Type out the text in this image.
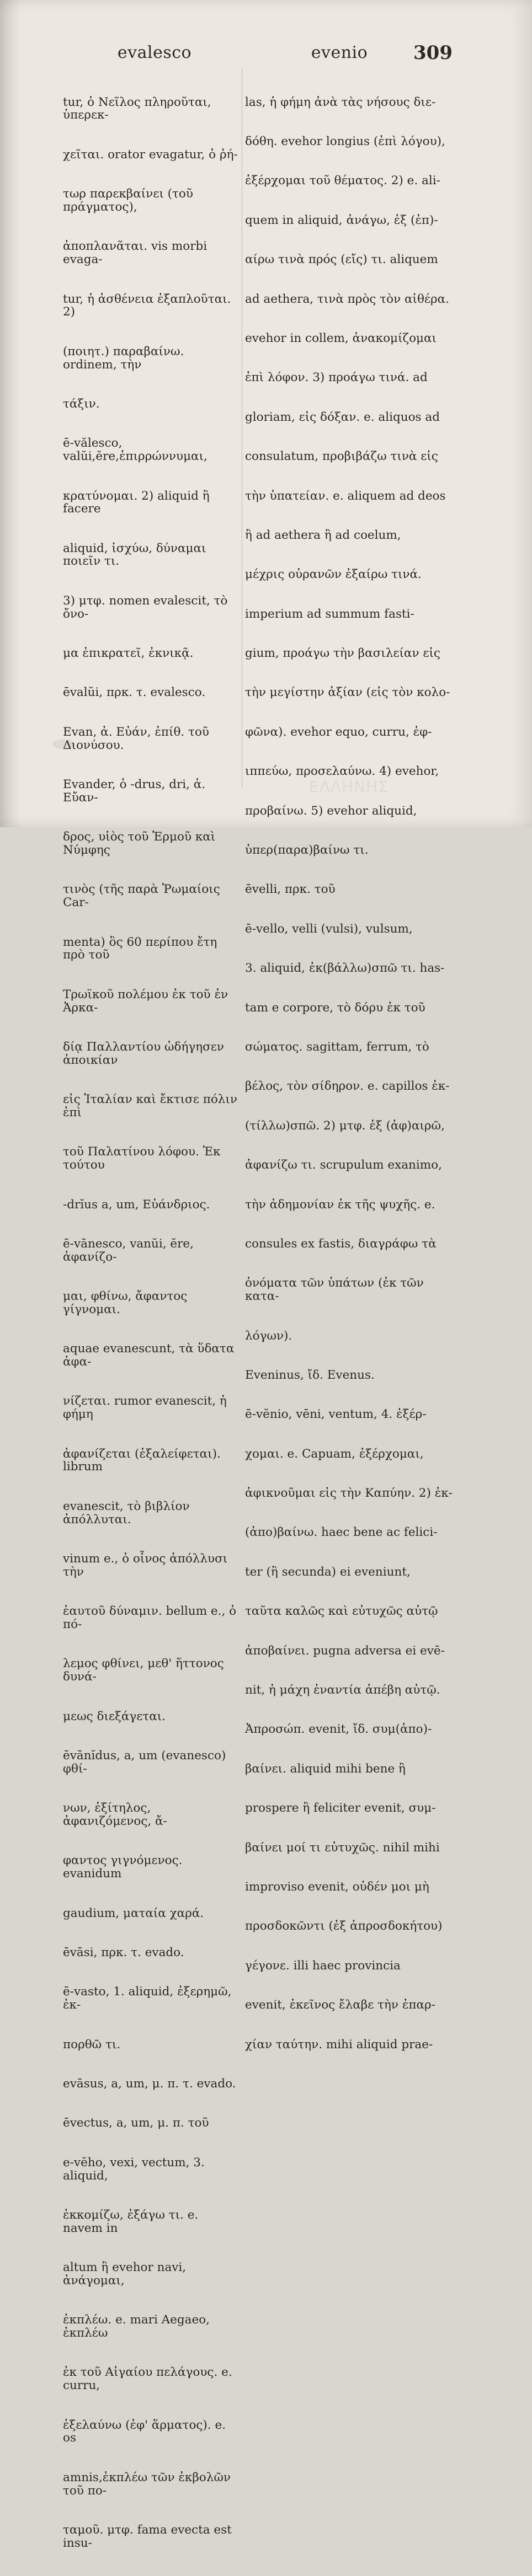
evalesco	evenio	309

tur, ὁ Νεῖλος πληροῦται, ὑπερεκ-

χεῖται. orator evagatur, ὁ ῥή-

τωρ παρεκβαίνει (τοῦ πράγματος),

ἀποπλανᾶται. vis morbi evaga-

tur, ἡ ἀσθένεια ἐξαπλοῦται. 2)

(ποιητ.) παραβαίνω. ordinem, τὴν

τάξιν.

ē-vălesco, valŭi,ĕre,ἐπιρρώννυμαι,

κρατύνομαι. 2) aliquid ἢ facere

aliquid, ἰσχύω, δύναμαι ποιεῖν τι.

3) μτφ. nomen evalescit, τὸ ὄνο-

μα ἐπικρατεῖ, ἐκνικᾷ.

ēvalŭi, πρκ. τ. evalesco.

Evan, ἀ. Εὐάν, ἐπίθ. τοῦ Διονύσου.

Evander, ὁ -drus, dri, ἀ. Εὔαν-

δρος, υἱὸς τοῦ Ἑρμοῦ καὶ Νύμφης

τινὸς (τῆς παρὰ Ῥωμαίοις Car-

menta) ὃς 60 περίπου ἔτη πρὸ τοῦ

Τρωϊκοῦ πολέμου ἐκ τοῦ ἐν Ἀρκα-

δίᾳ Παλλαντίου ὡδήγησεν ἀποικίαν

εἰς Ἰταλίαν καὶ ἔκτισε πόλιν ἐπὶ

τοῦ Παλατίνου λόφου. Ἐκ τούτου

-drĭus a, um, Εὐάνδριος.

ē-vānesco, vanŭi, ĕre, ἀφανίζο-

μαι, φθίνω, ἄφαντος γίγνομαι.

aquae evanescunt, τὰ ὕδατα ἀφα-

νίζεται. rumor evanescit, ἡ φήμη

ἀφανίζεται (ἐξαλείφεται). librum

evanescit, τὸ βιβλίον ἀπόλλυται.

vinum e., ὁ οἶνος ἀπόλλυσι τὴν

ἑαυτοῦ δύναμιν. bellum e., ὁ πό-

λεμος φθίνει, μεθ' ἥττονος δυνά-

μεως διεξάγεται.

ēvānĭdus, a, um (evanesco) φθί-

νων, ἐξίτηλος, ἀφανιζόμενος, ἄ-

φαντος γιγνόμενος. evanidum

gaudium, ματαία χαρά.

ēvāsi, πρκ. τ. evado.

ē-vasto, 1. aliquid, ἐξερημῶ, ἐκ-

πορθῶ τι.

evāsus, a, um, μ. π. τ. evado.

ēvectus, a, um, μ. π. τοῦ

e-vĕho, vexi, vectum, 3. aliquid,

ἐκκομίζω, ἐξάγω τι. e. navem in

altum ἢ evehor navi, ἀνάγομαι,

ἐκπλέω. e. mari Aegaeo, ἐκπλέω

ἐκ τοῦ Αἰγαίου πελάγους. e. curru,

ἐξελαύνω (ἐφ' ἅρματος). e. os

amnis,ἐκπλέω τῶν ἐκβολῶν τοῦ πο-

ταμοῦ. μτφ. fama evecta est insu-

las, ἡ φήμη ἀνὰ τὰς νήσους διε-

δόθη. evehor longius (ἐπὶ λόγου),

ἐξέρχομαι τοῦ θέματος. 2) e. ali-

quem in aliquid, ἀνάγω, ἐξ (ἐπ)-

αίρω τινὰ πρός (εἴς) τι. aliquem

ad aethera, τινὰ πρὸς τὸν αἰθέρα.

evehor in collem, ἀνακομίζομαι

ἐπὶ λόφον. 3) προάγω τινά. ad

gloriam, εἰς δόξαν. e. aliquos ad

consulatum, προβιβάζω τινὰ εἰς

τὴν ὑπατείαν. e. aliquem ad deos

ἢ ad aethera ἢ ad coelum,

μέχρις οὐρανῶν ἐξαίρω τινά.

imperium ad summum fasti-

gium, προάγω τὴν βασιλείαν εἰς

τὴν μεγίστην ἀξίαν (εἰς τὸν κολο-

φῶνα). evehor equo, curru, ἐφ-

ιππεύω, προσελαύνω. 4) evehor,

προβαίνω. 5) evehor aliquid,

ὑπερ(παρα)βαίνω τι.

ēvelli, πρκ. τοῦ

ē-vello, velli (vulsi), vulsum,

3. aliquid, ἐκ(βάλλω)σπῶ τι. has-

tam e corpore, τὸ δόρυ ἐκ τοῦ

σώματος. sagittam, ferrum, τὸ

βέλος, τὸν σίδηρον. e. capillos ἐκ-

(τίλλω)σπῶ. 2) μτφ. ἐξ (ἀφ)αιρῶ,

ἀφανίζω τι. scrupulum exanimo,

τὴν ἀδημονίαν ἐκ τῆς ψυχῆς. e.

consules ex fastis, διαγράφω τὰ

ὀνόματα τῶν ὑπάτων (ἐκ τῶν κατα-

λόγων).

Eveninus, ἴδ. Evenus.

ē-vĕnio, vēni, ventum, 4. ἐξέρ-

χομαι. e. Capuam, ἐξέρχομαι,

ἀφικνοῦμαι εἰς τὴν Καπύην. 2) ἐκ-

(ἀπο)βαίνω. haec bene ac felici-

ter (ἢ secunda) ei eveniunt,

ταῦτα καλῶς καὶ εὐτυχῶς αὐτῷ

ἀποβαίνει. pugna adversa ei evē-

nit, ἡ μάχη ἐναντία ἀπέβη αὐτῷ.

Ἀπροσώπ. evenit, ἴδ. συμ(ἀπο)-

βαίνει. aliquid mihi bene ἢ

prospere ἢ feliciter evenit, συμ-

βαίνει μοί τι εὐτυχῶς. nihil mihi

improviso evenit, οὐδέν μοι μὴ

προσδοκῶντι (ἐξ ἀπροσδοκήτου)

γέγονε. illi haec provincia

evenit, ἐκεῖνος ἔλαβε τὴν ἐπαρ-

χίαν ταύτην. mihi aliquid prae-

ΕΛΛΗΝΗΣ
